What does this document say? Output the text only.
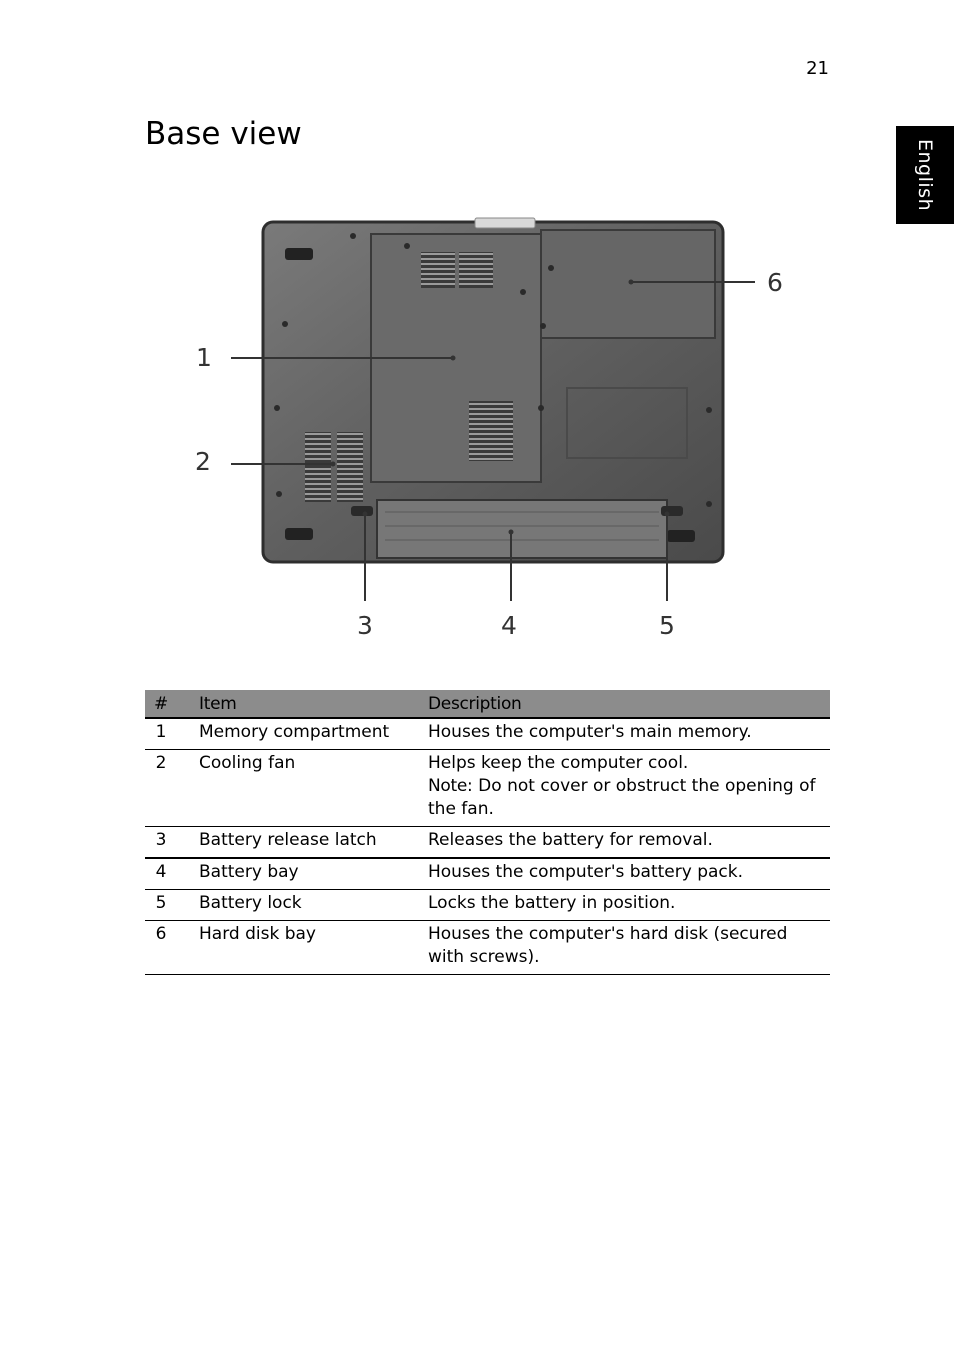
21
English
Base view
1
2
3	4	5
6
#	Item	Description
1	Memory compartment	Houses the computer's main memory.
2	Cooling fan	Helps keep the computer cool.
Note: Do not cover or obstruct the opening of the fan.

3	Battery release latch	Releases the battery for removal.
4	Battery bay	Houses the computer's battery pack.
5	Battery lock	Locks the battery in position.
6	Hard disk bay	Houses the computer's hard disk (secured with screws).
